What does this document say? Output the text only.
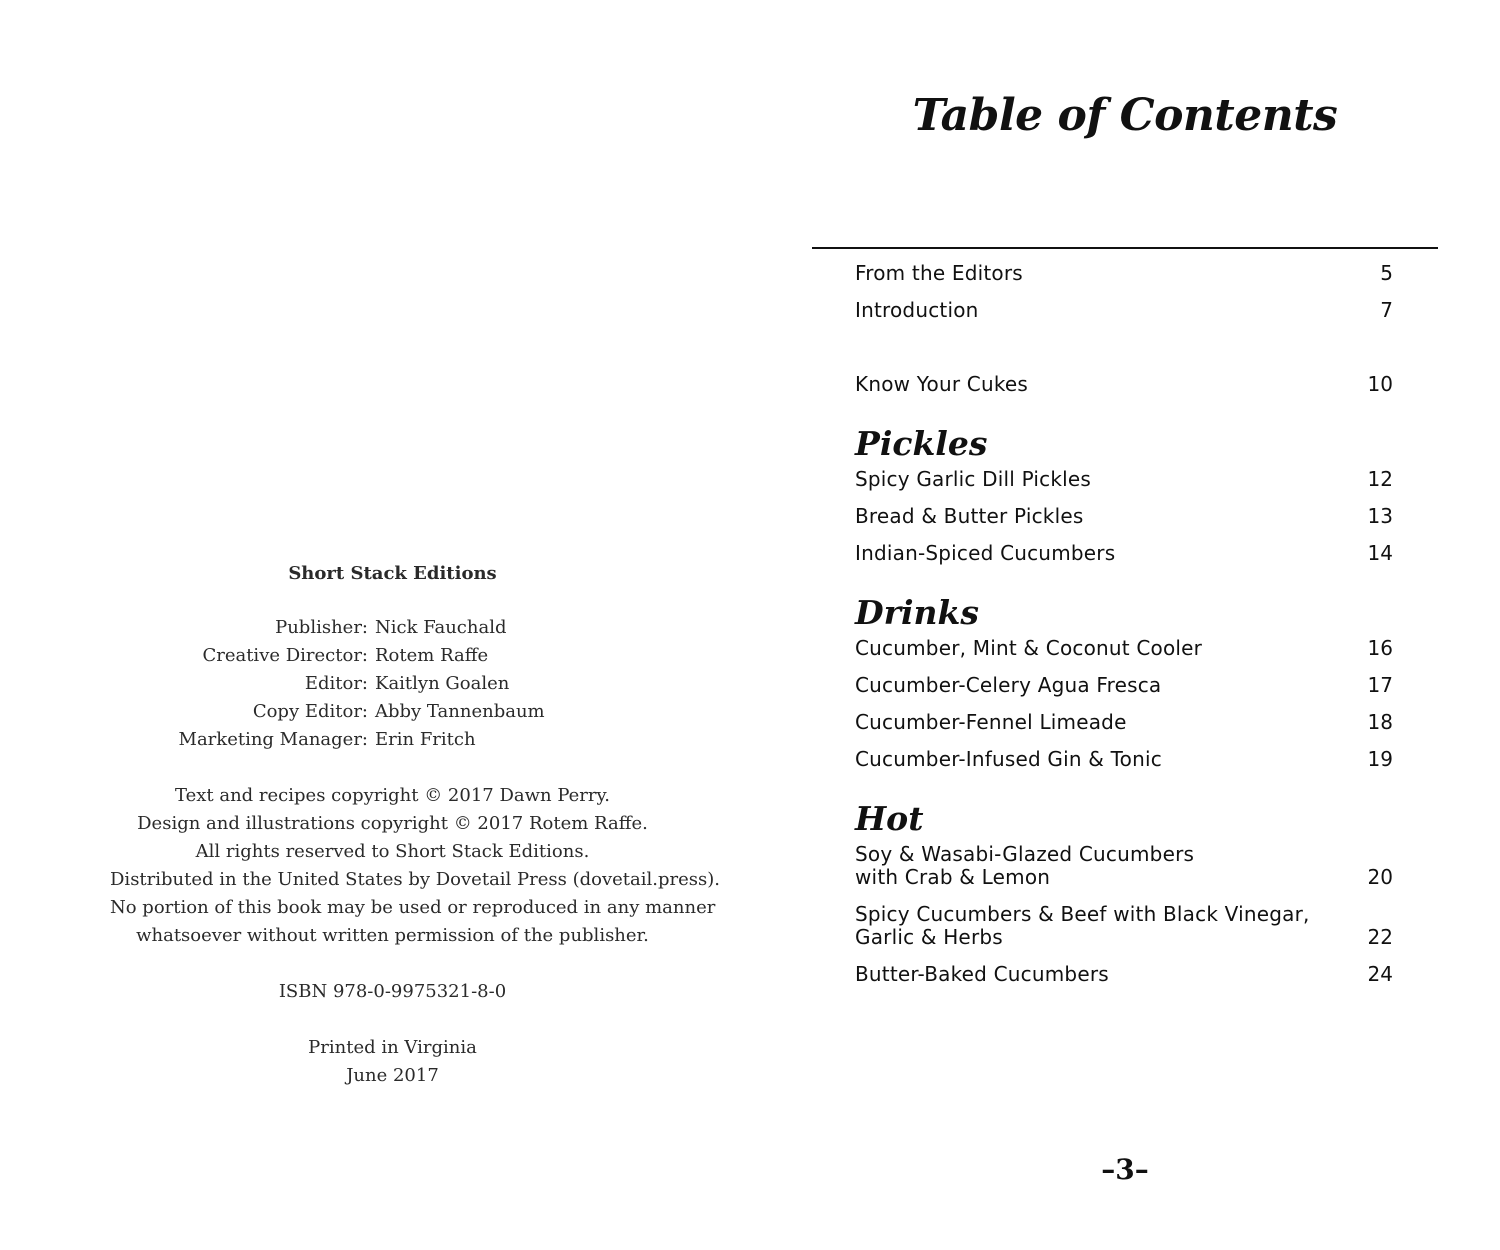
Short Stack Editions
Publisher:	Nick Fauchald
Creative Director:	Rotem Raffe
Editor:	Kaitlyn Goalen
Copy Editor:	Abby Tannenbaum
Marketing Manager:	Erin Fritch
Text and recipes copyright © 2017 Dawn Perry.
Design and illustrations copyright © 2017 Rotem Raffe.
All rights reserved to Short Stack Editions.
Distributed in the United States by Dovetail Press (dovetail.press).
No portion of this book may be used or reproduced in any manner
whatsoever without written permission of the publisher.
ISBN 978-0-9975321-8-0
Printed in Virginia
June 2017
Table of Contents
From the Editors	5
Introduction	7
Know Your Cukes	10
Pickles
Spicy Garlic Dill Pickles	12
Bread & Butter Pickles	13
Indian-Spiced Cucumbers	14
Drinks
Cucumber, Mint & Coconut Cooler	16
Cucumber-Celery Agua Fresca	17
Cucumber-Fennel Limeade	18
Cucumber-Infused Gin & Tonic	19
Hot
Soy & Wasabi-Glazed Cucumbers
with Crab & Lemon	20
Spicy Cucumbers & Beef with Black Vinegar,
Garlic & Herbs	22
Butter-Baked Cucumbers	24
–3–
